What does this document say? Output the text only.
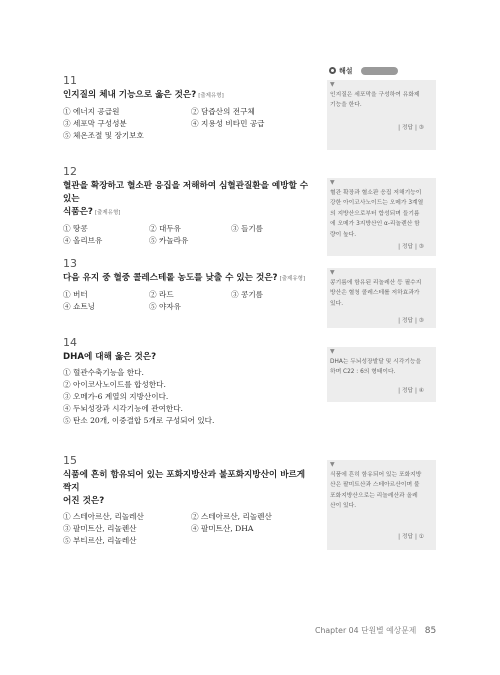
해설
▼
인지질은 세포막을 구성하여 유화제
기능을 한다.
| 정답 | ③
▼
혈관 확장과 혈소판 응집 저해기능이
강한 아이코사노이드는 오메가 3계열
의 지방산으로부터 합성되며 들기름
에 오메가 3지방산인 α-리놀렌산 함
량이 높다.
| 정답 | ③
▼
콩기름에 함유된 리놀레산 등 필수지
방산은 혈청 콜레스테롤 저하효과가
있다.
| 정답 | ③
▼
DHA는 두뇌성장발달 및 시각기능을
하며 C22 : 6의 형태이다.
| 정답 | ④
▼
식품에 흔히 함유되어 있는 포화지방
산은 팔미트산과 스테아르산이며 불
포화지방산으로는 리놀레산과 올레
산이 있다.
| 정답 | ①
11
인지질의 체내 기능으로 옳은 것은? [출제유형]
① 에너지 공급원	② 담즙산의 전구체
③ 세포막 구성성분	④ 지용성 비타민 공급
⑤ 체온조절 및 장기보호
12
혈관을 확장하고 혈소판 응집을 저해하여 심혈관질환을 예방할 수 있는
식품은? [출제유형]
① 땅콩	② 대두유	③ 들기름
④ 올리브유	⑤ 카놀라유
13
다음 유지 중 혈중 콜레스테롤 농도를 낮출 수 있는 것은? [출제유형]
① 버터	② 라드	③ 콩기름
④ 쇼트닝	⑤ 야자유
14
DHA에 대해 옳은 것은?
① 혈관수축기능을 한다.
② 아이코사노이드를 합성한다.
③ 오메가-6 계열의 지방산이다.
④ 두뇌성장과 시각기능에 관여한다.
⑤ 탄소 20개, 이중결합 5개로 구성되어 있다.
15
식품에 흔히 함유되어 있는 포화지방산과 불포화지방산이 바르게 짝지
어진 것은?
① 스테아르산, 리놀레산	② 스테아르산, 리놀렌산
③ 팔미트산, 리놀렌산	④ 팔미트산, DHA
⑤ 부티르산, 리놀레산
Chapter 04 단원별 예상문제 85
